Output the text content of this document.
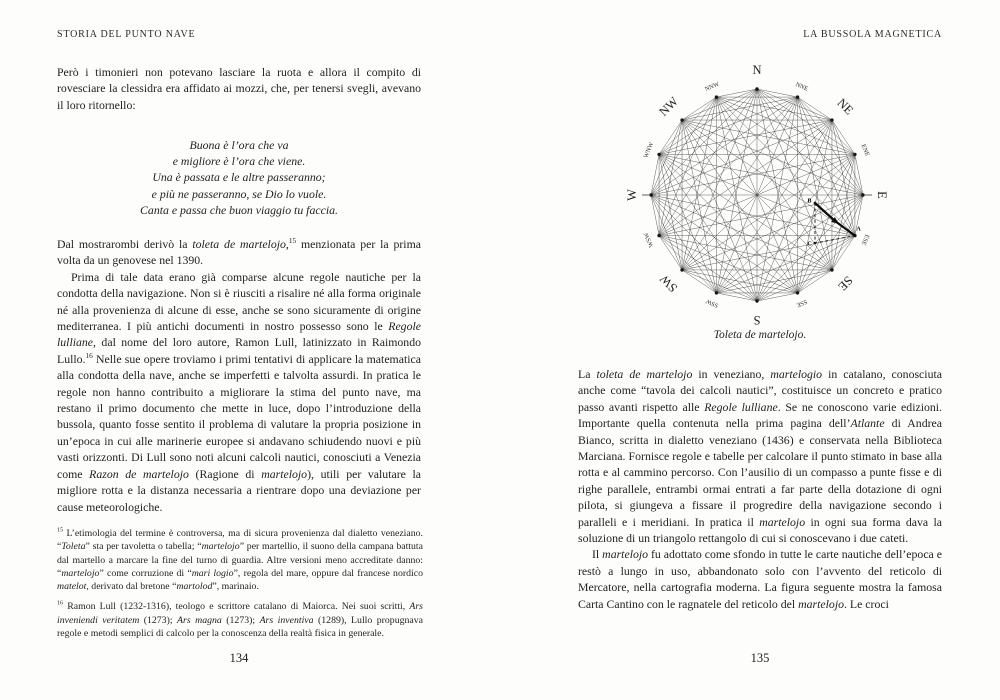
STORIA DEL PUNTO NAVE
Però i timonieri non potevano lasciare la ruota e allora il compito di rovesciare la clessidra era affidato ai mozzi, che, per tenersi svegli, avevano il loro ritornello:
Buona è l’ora che va
e migliore è l’ora che viene.
Una è passata e le altre passeranno;
e più ne passeranno, se Dio lo vuole.
Canta e passa che buon viaggio tu faccia.

Dal mostrarombi derivò la toleta de martelojo,$^{15}$ menzionata per la prima volta da un genovese nel 1390.

Prima di tale data erano già comparse alcune regole nautiche per la condotta della navigazione. Non si è riusciti a risalire né alla forma originale né alla provenienza di alcune di esse, anche se sono sicuramente di origine mediterranea. I più antichi documenti in nostro possesso sono le Regole lulliane, dal nome del loro autore, Ramon Lull, latinizzato in Raimondo Lullo.$^{16}$ Nelle sue opere troviamo i primi tentativi di applicare la matematica alla condotta della nave, anche se imperfetti e talvolta assurdi. In pratica le regole non hanno contribuito a migliorare la stima del punto nave, ma restano il primo documento che mette in luce, dopo l’introduzione della bussola, quanto fosse sentito il problema di valutare la propria posizione in un’epoca in cui alle marinerie europee si andavano schiudendo nuovi e più vasti orizzonti. Di Lull sono noti alcuni calcoli nautici, conosciuti a Venezia come Razon de martelojo (Ragione di martelojo), utili per valutare la migliore rotta e la distanza necessaria a rientrare dopo una deviazione per cause meteorologiche.

$^{15}$ L’etimologia del termine è controversa, ma di sicura provenienza dal dialetto veneziano. “Toleta” sta per tavoletta o tabella; “martelojo” per martellio, il suono della campana battuta dal martello a marcare la fine del turno di guardia. Altre versioni meno accreditate danno: “martelojo” come corruzione di “mari logio”, regola del mare, oppure dal francese nordico matelot, derivato dal bretone “martolod”, marinaio.

$^{16}$ Ramon Lull (1232-1316), teologo e scrittore catalano di Maiorca. Nei suoi scritti, Ars inveniendi veritatem (1273); Ars magna (1273); Ars inventiva (1289), Lullo propugnava regole e metodi semplici di calcolo per la conoscenza della realtà fisica in generale.

134
LA BUSSOLA MAGNETICA
N
NNE
NE
ENE
E
ESE
SE
SSE
S
SSW
SW
WSW
W
WNW
NW
NNW
B
C
A
Toleta de martelojo.

La toleta de martelojo in veneziano, martelogio in catalano, conosciuta anche come “tavola dei calcoli nautici”, costituisce un concreto e pratico passo avanti rispetto alle Regole lulliane. Se ne conoscono varie edizioni. Importante quella contenuta nella prima pagina dell’Atlante di Andrea Bianco, scritta in dialetto veneziano (1436) e conservata nella Biblioteca Marciana. Fornisce regole e tabelle per calcolare il punto stimato in base alla rotta e al cammino percorso. Con l’ausilio di un compasso a punte fisse e di righe parallele, entrambi ormai entrati a far parte della dotazione di ogni pilota, si giungeva a fissare il progredire della navigazione secondo i paralleli e i meridiani. In pratica il martelojo in ogni sua forma dava la soluzione di un triangolo rettangolo di cui si conoscevano i due cateti.

Il martelojo fu adottato come sfondo in tutte le carte nautiche dell’epoca e restò a lungo in uso, abbandonato solo con l’avvento del reticolo di Mercatore, nella cartografia moderna. La figura seguente mostra la famosa Carta Cantino con le ragnatele del reticolo del martelojo. Le croci

135
